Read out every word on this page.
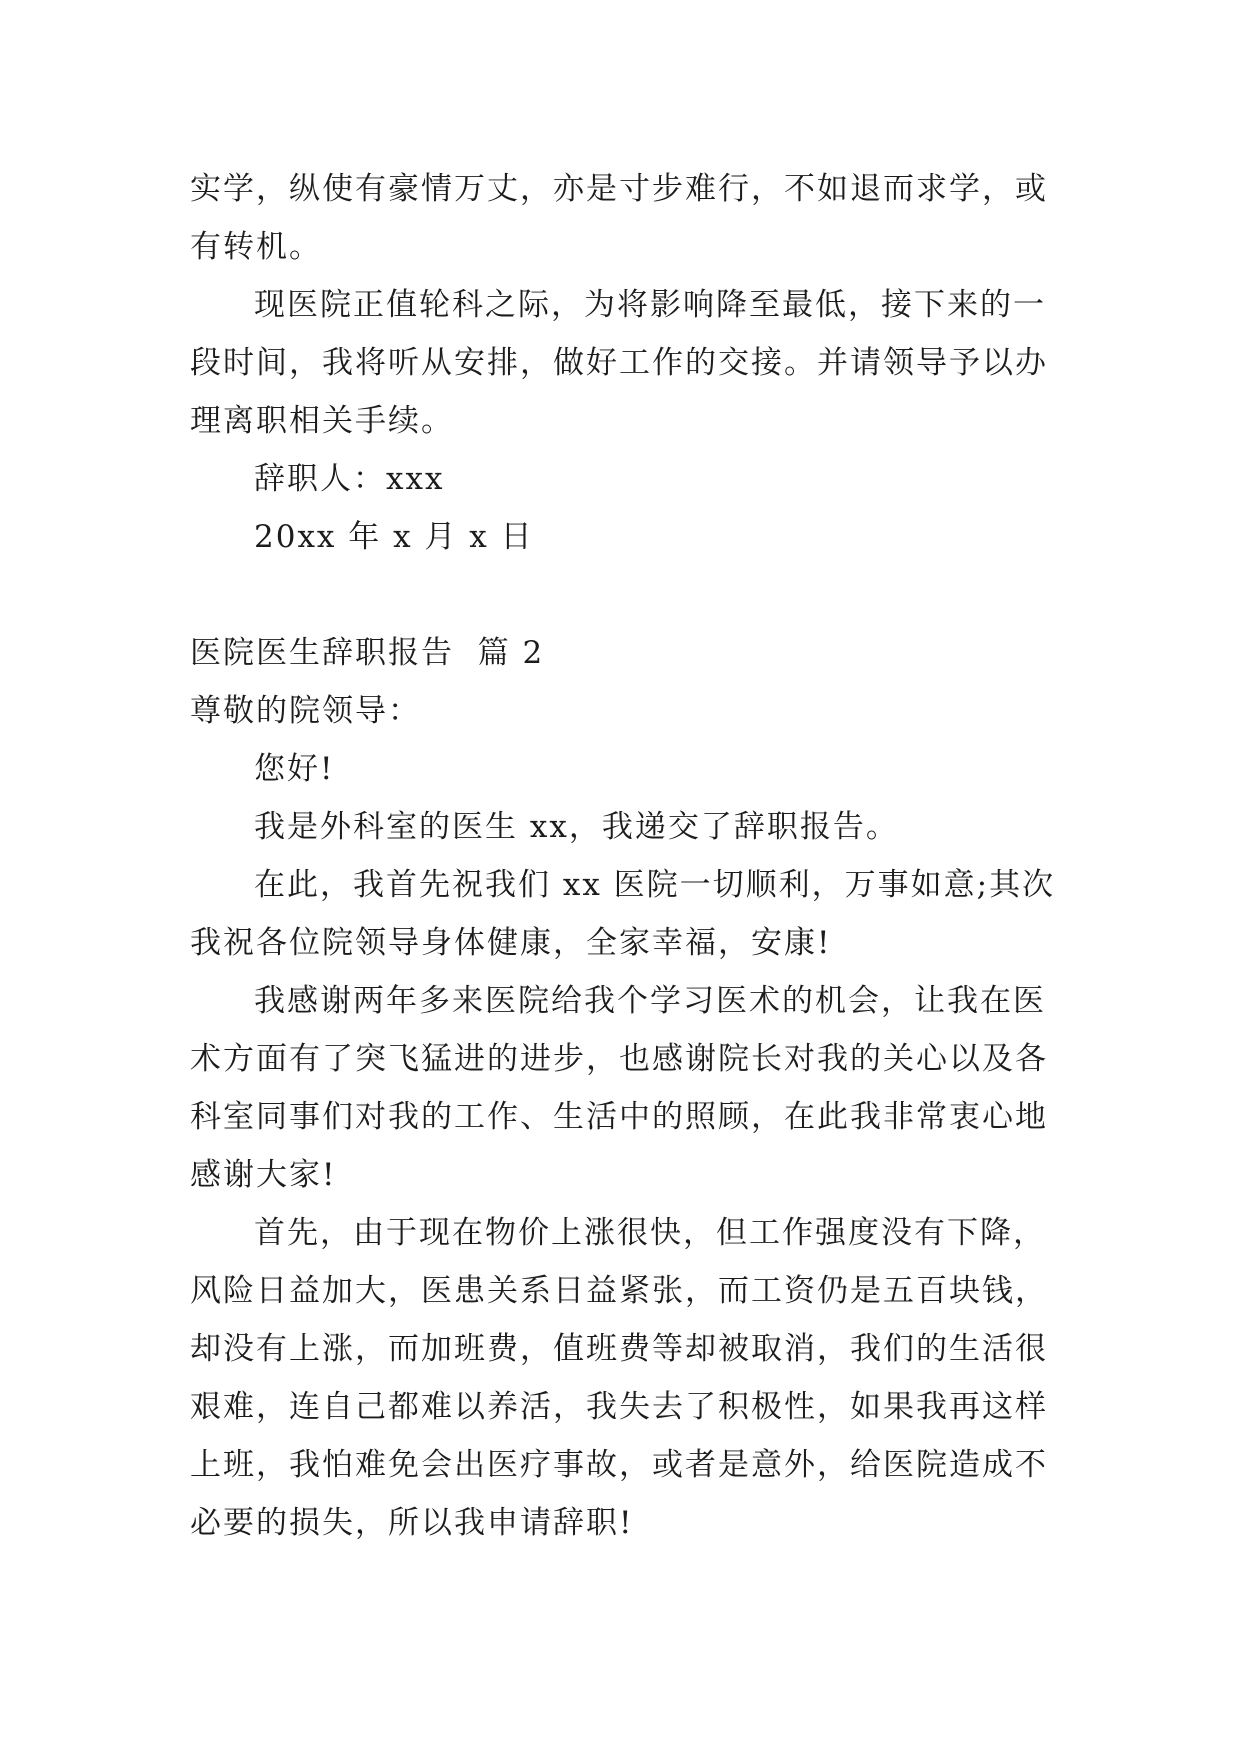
实学，纵使有豪情万丈，亦是寸步难行，不如退而求学，或
有转机。
现医院正值轮科之际，为将影响降至最低，接下来的一
段时间，我将听从安排，做好工作的交接。并请领导予以办
理离职相关手续。
辞职人：xxx
20xx 年 x 月 x 日
医院医生辞职报告  篇 2
尊敬的院领导：
您好!
我是外科室的医生 xx，我递交了辞职报告。
在此，我首先祝我们 xx 医院一切顺利，万事如意;其次
我祝各位院领导身体健康，全家幸福，安康!
我感谢两年多来医院给我个学习医术的机会，让我在医
术方面有了突飞猛进的进步，也感谢院长对我的关心以及各
科室同事们对我的工作、生活中的照顾，在此我非常衷心地
感谢大家!
首先，由于现在物价上涨很快，但工作强度没有下降，
风险日益加大，医患关系日益紧张，而工资仍是五百块钱，
却没有上涨，而加班费，值班费等却被取消，我们的生活很
艰难，连自己都难以养活，我失去了积极性，如果我再这样
上班，我怕难免会出医疗事故，或者是意外，给医院造成不
必要的损失，所以我申请辞职!
